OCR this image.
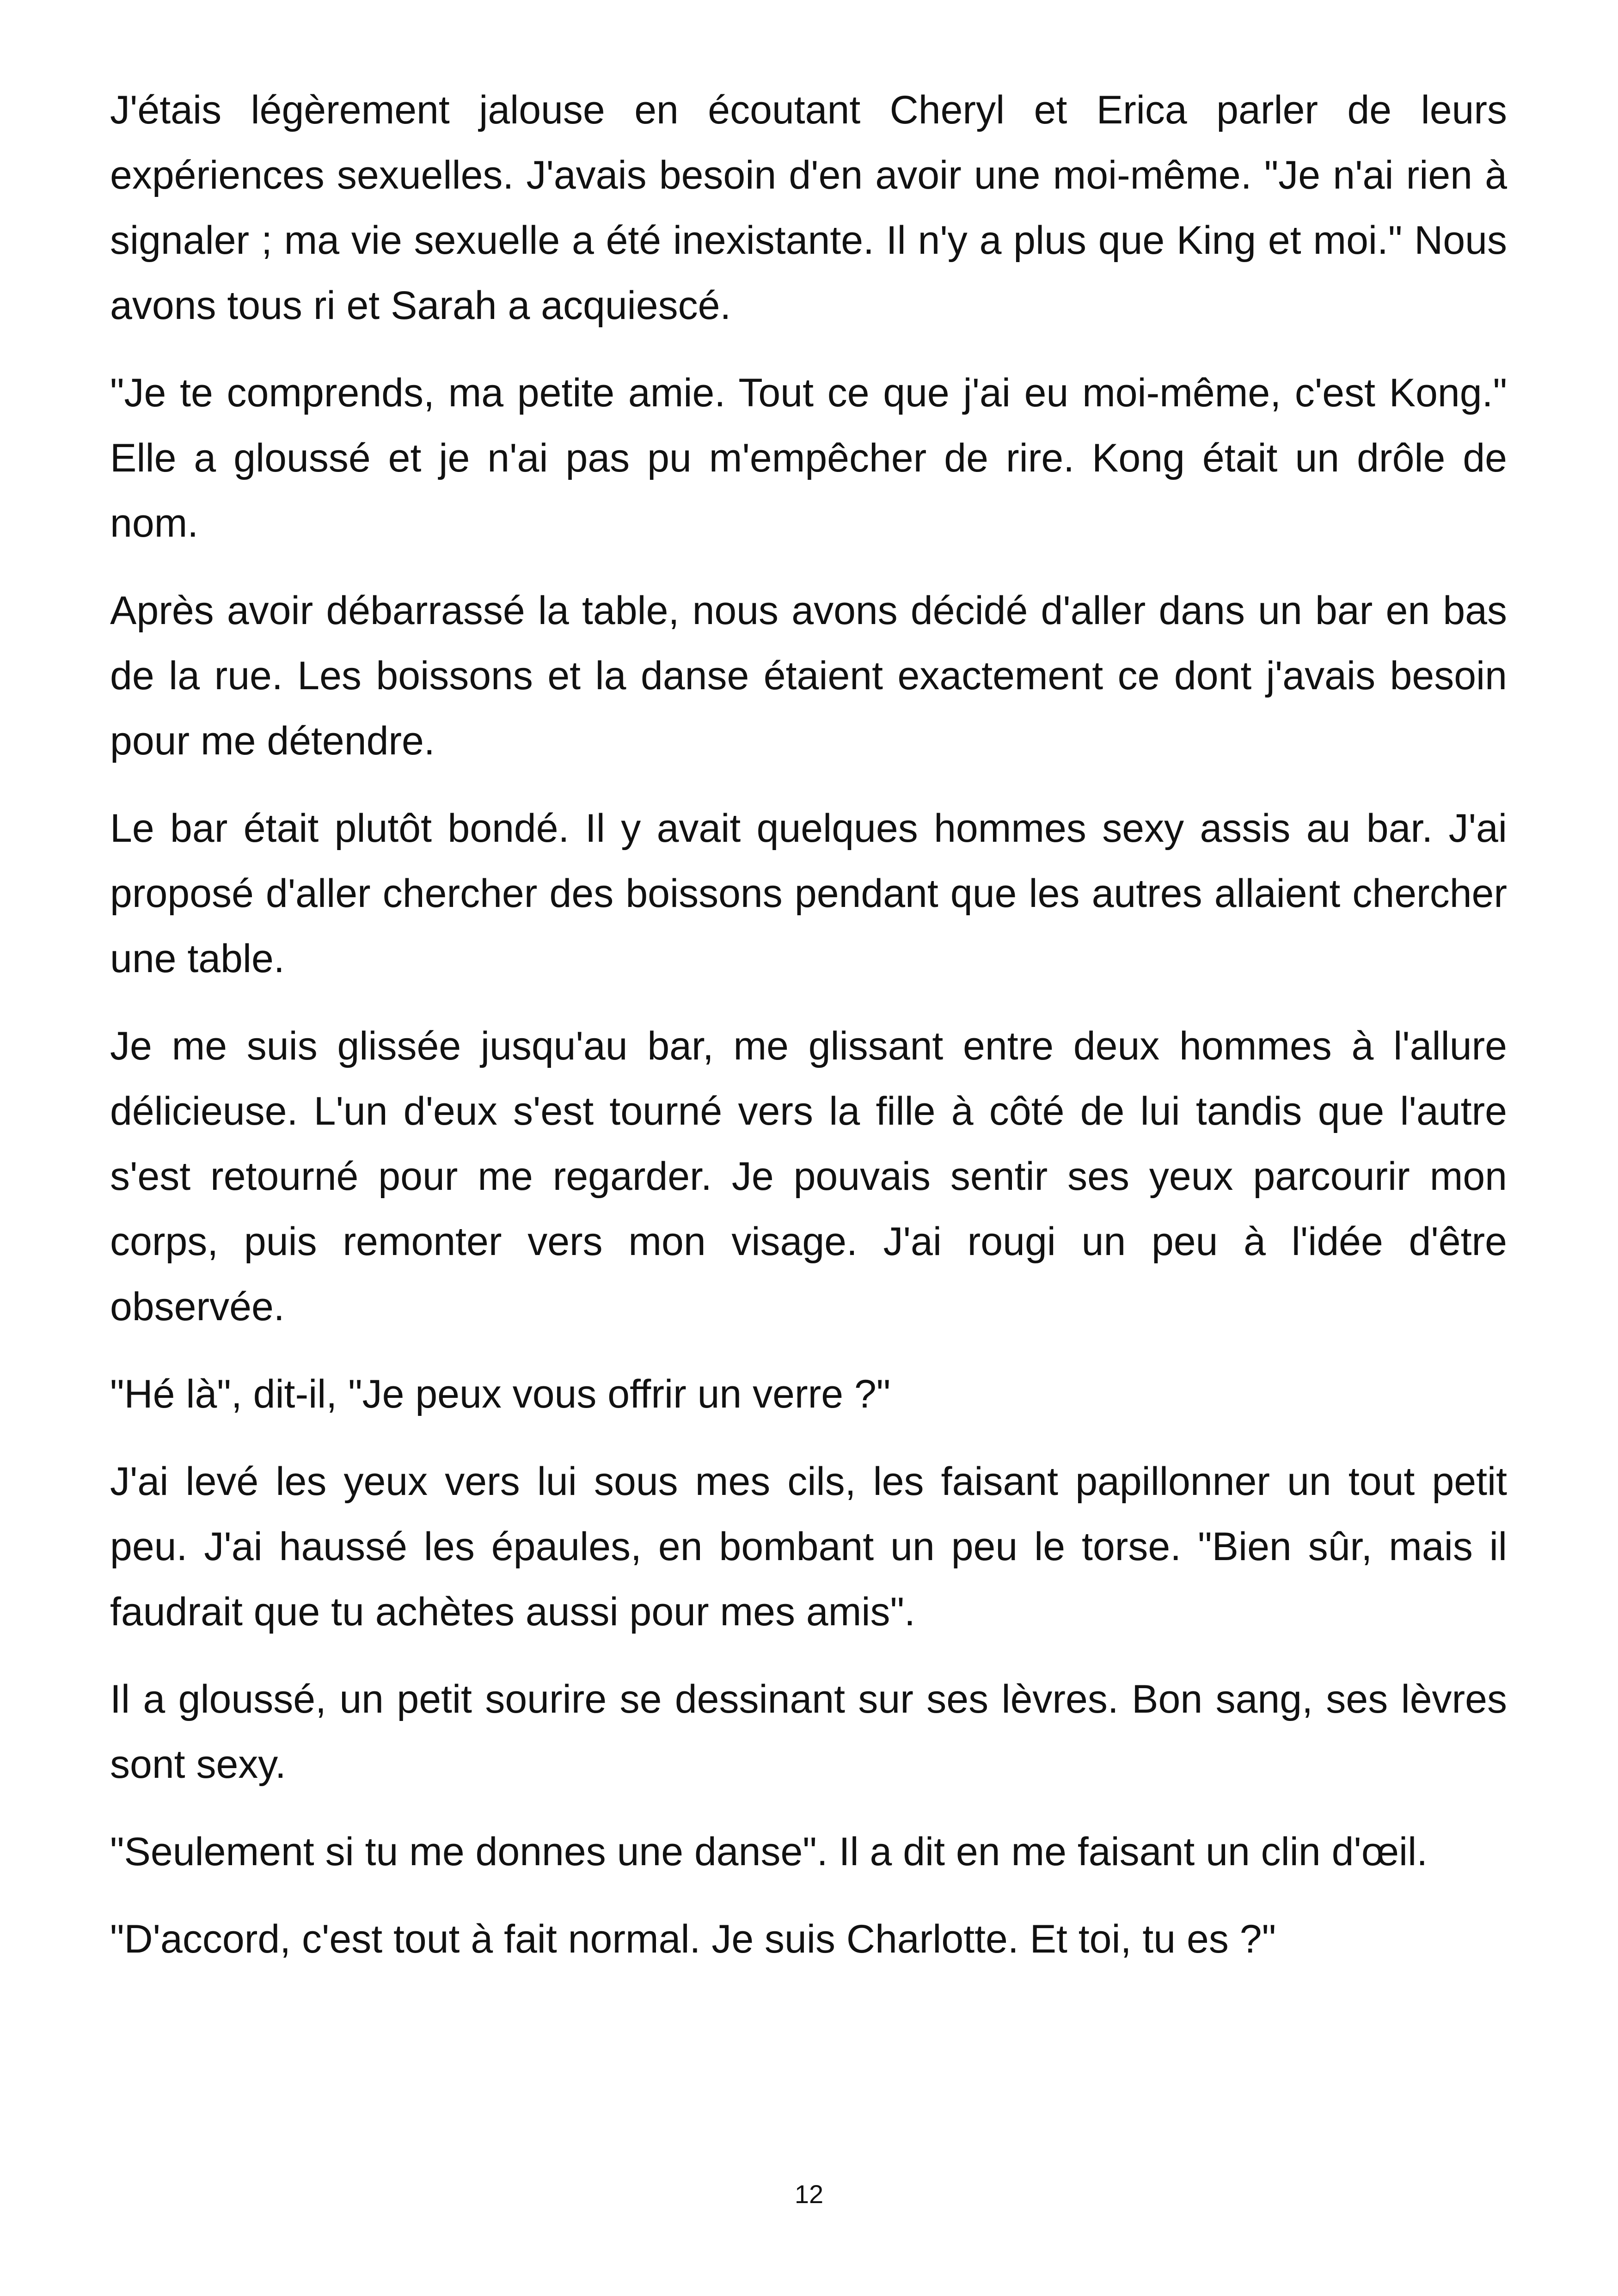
J'étais légèrement jalouse en écoutant Cheryl et Erica parler de leurs expériences sexuelles. J'avais besoin d'en avoir une moi-même. "Je n'ai rien à signaler ; ma vie sexuelle a été inexistante. Il n'y a plus que King et moi." Nous avons tous ri et Sarah a acquiescé.

"Je te comprends, ma petite amie. Tout ce que j'ai eu moi-même, c'est Kong." Elle a gloussé et je n'ai pas pu m'empêcher de rire. Kong était un drôle de nom.

Après avoir débarrassé la table, nous avons décidé d'aller dans un bar en bas de la rue. Les boissons et la danse étaient exactement ce dont j'avais besoin pour me détendre.

Le bar était plutôt bondé. Il y avait quelques hommes sexy assis au bar. J'ai proposé d'aller chercher des boissons pendant que les autres allaient chercher une table.

Je me suis glissée jusqu'au bar, me glissant entre deux hommes à l'allure délicieuse. L'un d'eux s'est tourné vers la fille à côté de lui tandis que l'autre s'est retourné pour me regarder. Je pouvais sentir ses yeux parcourir mon corps, puis remonter vers mon visage. J'ai rougi un peu à l'idée d'être observée.

"Hé là", dit-il, "Je peux vous offrir un verre ?"

J'ai levé les yeux vers lui sous mes cils, les faisant papillonner un tout petit peu. J'ai haussé les épaules, en bombant un peu le torse. "Bien sûr, mais il faudrait que tu achètes aussi pour mes amis".

Il a gloussé, un petit sourire se dessinant sur ses lèvres. Bon sang, ses lèvres sont sexy.

"Seulement si tu me donnes une danse". Il a dit en me faisant un clin d'œil.

"D'accord, c'est tout à fait normal. Je suis Charlotte. Et toi, tu es ?"

12
